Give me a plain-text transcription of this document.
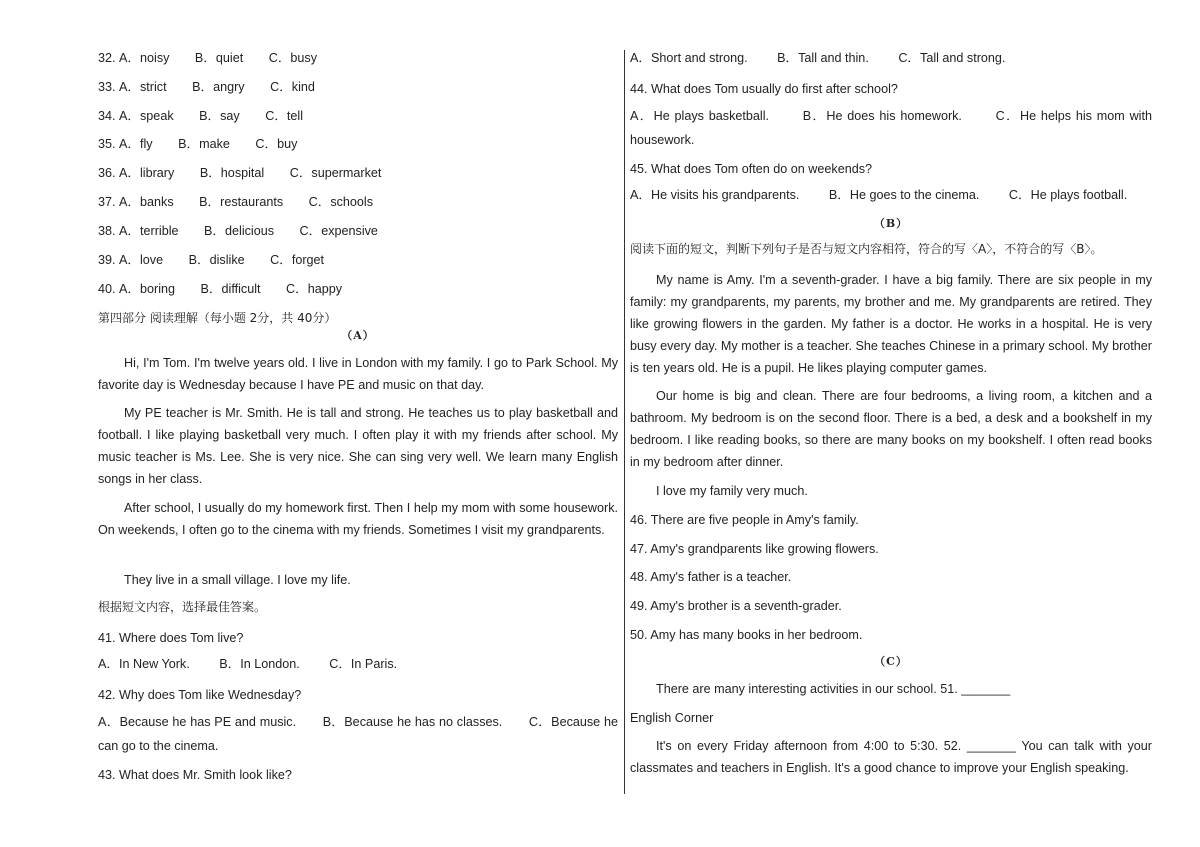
32. A．noisy B．quiet C．busy
33. A．strict B．angry C．kind
34. A．speak B．say C．tell
35. A．fly B．make C．buy
36. A．library B．hospital C．supermarket
37. A．banks B．restaurants C．schools
38. A．terrible B．delicious C．expensive
39. A．love B．dislike C．forget
40. A．boring B．difficult C．happy
第四部分 阅读理解（每小题 2分，共 40分）
（A）
Hi, I'm Tom. I'm twelve years old. I live in London with my family. I go to Park School. My favorite day is Wednesday because I have PE and music on that day.
My PE teacher is Mr. Smith. He is tall and strong. He teaches us to play basketball and football. I like playing basketball very much. I often play it with my friends after school. My music teacher is Ms. Lee. She is very nice. She can sing very well. We learn many English songs in her class.
After school, I usually do my homework first. Then I help my mom with some housework. On weekends, I often go to the cinema with my friends. Sometimes I visit my grandparents.
They live in a small village. I love my life.
根据短文内容，选择最佳答案。
41. Where does Tom live?
A．In New York. B．In London. C．In Paris.
42. Why does Tom like Wednesday?
A．Because he has PE and music.       B．Because he has no classes.       C．Because he can go to the cinema.
43. What does Mr. Smith look like?
A．Short and strong. B．Tall and thin. C．Tall and strong.
44. What does Tom usually do first after school?
A．He plays basketball.       B．He does his homework.       C．He helps his mom with housework.
45. What does Tom often do on weekends?
A．He visits his grandparents. B．He goes to the cinema. C．He plays football.
（B）
阅读下面的短文，判断下列句子是否与短文内容相符，符合的写〈A〉，不符合的写〈B〉。
My name is Amy. I'm a seventh-grader. I have a big family. There are six people in my family: my grandparents, my parents, my brother and me. My grandparents are retired. They like growing flowers in the garden. My father is a doctor. He works in a hospital. He is very busy every day. My mother is a teacher. She teaches Chinese in a primary school. My brother is ten years old. He is a pupil. He likes playing computer games.
Our home is big and clean. There are four bedrooms, a living room, a kitchen and a bathroom. My bedroom is on the second floor. There is a bed, a desk and a bookshelf in my bedroom. I like reading books, so there are many books on my bookshelf. I often read books in my bedroom after dinner.
I love my family very much.
46. There are five people in Amy's family.
47. Amy's grandparents like growing flowers.
48. Amy's father is a teacher.
49. Amy's brother is a seventh-grader.
50. Amy has many books in her bedroom.
（C）
There are many interesting activities in our school. 51. _______
English Corner
It's on every Friday afternoon from 4:00 to 5:30. 52. _______ You can talk with your classmates and teachers in English. It's a good chance to improve your English speaking.
